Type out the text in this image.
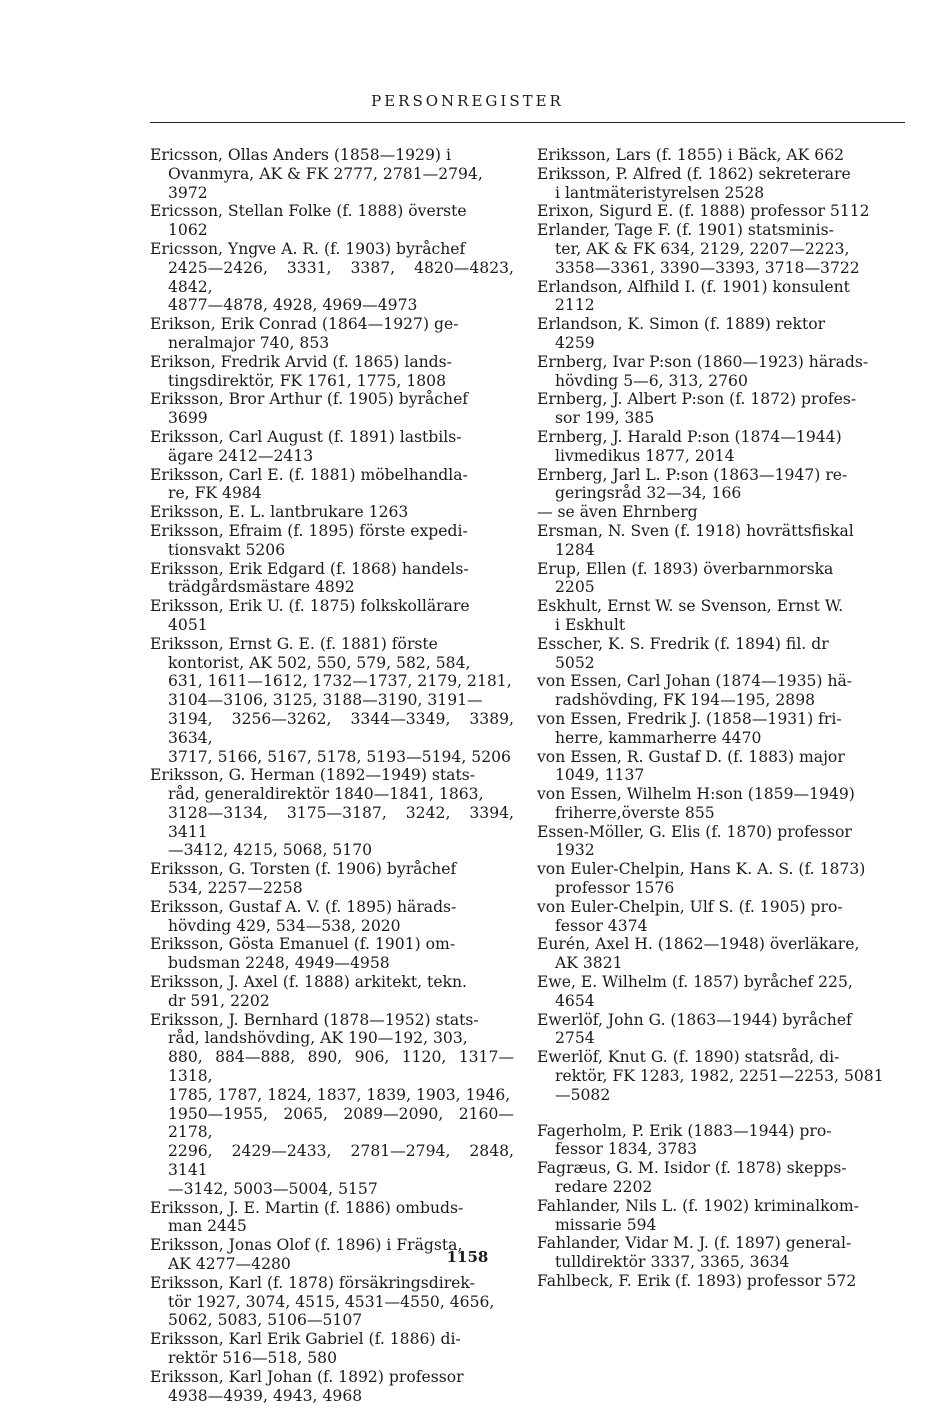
PERSONREGISTER
Ericsson, Ollas Anders (1858—1929) i
Ovanmyra, AK & FK 2777, 2781—2794,
3972
Ericsson, Stellan Folke (f. 1888) överste
1062
Ericsson, Yngve A. R. (f. 1903) byråchef
2425—2426, 3331, 3387, 4820—4823, 4842,
4877—4878, 4928, 4969—4973
Erikson, Erik Conrad (1864—1927) ge-
neralmajor 740, 853
Erikson, Fredrik Arvid (f. 1865) lands-
tingsdirektör, FK 1761, 1775, 1808
Eriksson, Bror Arthur (f. 1905) byråchef
3699
Eriksson, Carl August (f. 1891) lastbils-
ägare 2412—2413
Eriksson, Carl E. (f. 1881) möbelhandla-
re, FK 4984
Eriksson, E. L. lantbrukare 1263
Eriksson, Efraim (f. 1895) förste expedi-
tionsvakt 5206
Eriksson, Erik Edgard (f. 1868) handels-
trädgårdsmästare 4892
Eriksson, Erik U. (f. 1875) folkskollärare
4051
Eriksson, Ernst G. E. (f. 1881) förste
kontorist, AK 502, 550, 579, 582, 584,
631, 1611—1612, 1732—1737, 2179, 2181,
3104—3106, 3125, 3188—3190, 3191—
3194, 3256—3262, 3344—3349, 3389, 3634,
3717, 5166, 5167, 5178, 5193—5194, 5206
Eriksson, G. Herman (1892—1949) stats-
råd, generaldirektör 1840—1841, 1863,
3128—3134, 3175—3187, 3242, 3394, 3411
—3412, 4215, 5068, 5170
Eriksson, G. Torsten (f. 1906) byråchef
534, 2257—2258
Eriksson, Gustaf A. V. (f. 1895) härads-
hövding 429, 534—538, 2020
Eriksson, Gösta Emanuel (f. 1901) om-
budsman 2248, 4949—4958
Eriksson, J. Axel (f. 1888) arkitekt, tekn.
dr 591, 2202
Eriksson, J. Bernhard (1878—1952) stats-
råd, landshövding, AK 190—192, 303,
880, 884—888, 890, 906, 1120, 1317—1318,
1785, 1787, 1824, 1837, 1839, 1903, 1946,
1950—1955, 2065, 2089—2090, 2160—2178,
2296, 2429—2433, 2781—2794, 2848, 3141
—3142, 5003—5004, 5157
Eriksson, J. E. Martin (f. 1886) ombuds-
man 2445
Eriksson, Jonas Olof (f. 1896) i Frägsta,
AK 4277—4280
Eriksson, Karl (f. 1878) försäkringsdirek-
tör 1927, 3074, 4515, 4531—4550, 4656,
5062, 5083, 5106—5107
Eriksson, Karl Erik Gabriel (f. 1886) di-
rektör 516—518, 580
Eriksson, Karl Johan (f. 1892) professor
4938—4939, 4943, 4968
Eriksson, Lars (f. 1855) i Bäck, AK 662
Eriksson, P. Alfred (f. 1862) sekreterare
i lantmäteristyrelsen 2528
Erixon, Sigurd E. (f. 1888) professor 5112
Erlander, Tage F. (f. 1901) statsminis-
ter, AK & FK 634, 2129, 2207—2223,
3358—3361, 3390—3393, 3718—3722
Erlandson, Alfhild I. (f. 1901) konsulent
2112
Erlandson, K. Simon (f. 1889) rektor
4259
Ernberg, Ivar P:son (1860—1923) härads-
hövding 5—6, 313, 2760
Ernberg, J. Albert P:son (f. 1872) profes-
sor 199, 385
Ernberg, J. Harald P:son (1874—1944)
livmedikus 1877, 2014
Ernberg, Jarl L. P:son (1863—1947) re-
geringsråd 32—34, 166
— se även Ehrnberg
Ersman, N. Sven (f. 1918) hovrättsfiskal
1284
Erup, Ellen (f. 1893) överbarnmorska
2205
Eskhult, Ernst W. se Svenson, Ernst W.
i Eskhult
Esscher, K. S. Fredrik (f. 1894) fil. dr
5052
von Essen, Carl Johan (1874—1935) hä-
radshövding, FK 194—195, 2898
von Essen, Fredrik J. (1858—1931) fri-
herre, kammarherre 4470
von Essen, R. Gustaf D. (f. 1883) major
1049, 1137
von Essen, Wilhelm H:son (1859—1949)
friherre,överste 855
Essen-Möller, G. Elis (f. 1870) professor
1932
von Euler-Chelpin, Hans K. A. S. (f. 1873)
professor 1576
von Euler-Chelpin, Ulf S. (f. 1905) pro-
fessor 4374
Eurén, Axel H. (1862—1948) överläkare,
AK 3821
Ewe, E. Wilhelm (f. 1857) byråchef 225,
4654
Ewerlöf, John G. (1863—1944) byråchef
2754
Ewerlöf, Knut G. (f. 1890) statsråd, di-
rektör, FK 1283, 1982, 2251—2253, 5081
—5082
Fagerholm, P. Erik (1883—1944) pro-
fessor 1834, 3783
Fagræus, G. M. Isidor (f. 1878) skepps-
redare 2202
Fahlander, Nils L. (f. 1902) kriminalkom-
missarie 594
Fahlander, Vidar M. J. (f. 1897) general-
tulldirektör 3337, 3365, 3634
Fahlbeck, F. Erik (f. 1893) professor 572
1158
